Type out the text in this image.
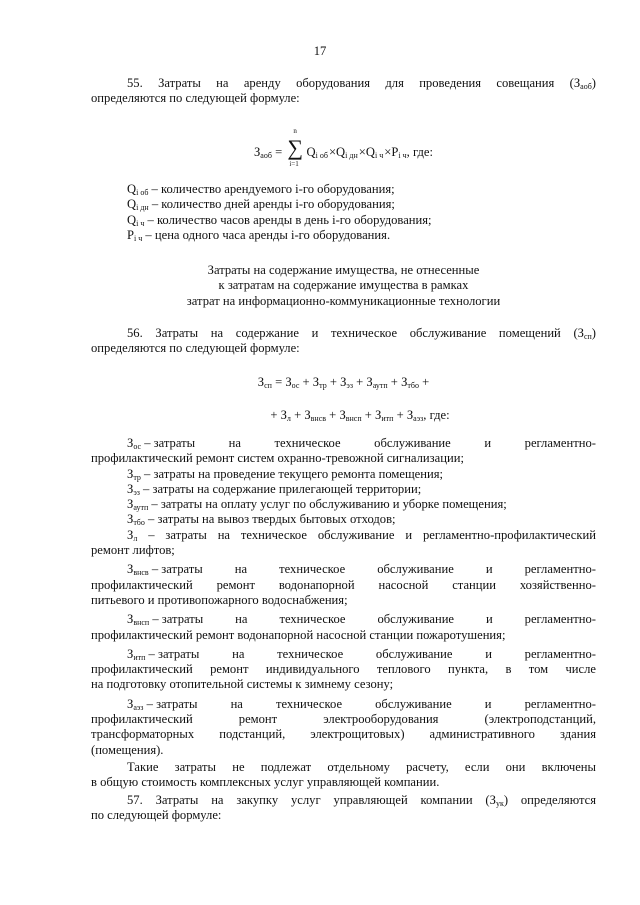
17

55. Затраты на аренду оборудования для проведения совещания $(З_{аоб})$

определяются по следующей формуле:

$З_{аоб}$ =
n
∑
i=1
$Q_{i об}$ $\times Q_{i дн}$ $\times Q_{i ч}$ $\times P_{i ч}$, где:

$Q_{i об}$ – количество арендуемого i-го оборудования;

$Q_{i дн}$ – количество дней аренды i-го оборудования;

$Q_{i ч}$ – количество часов аренды в день i-го оборудования;

$P_{i ч}$ – цена одного часа аренды i-го оборудования.

Затраты на содержание имущества, не отнесенные

к затратам на содержание имущества в рамках

затрат на информационно-коммуникационные технологии

56. Затраты на содержание и техническое обслуживание помещений $(З_{сп})$

определяются по следующей формуле:

$З_{сп} = З_{ос} + З_{тр} + З_{эз} + З_{аутп} + З_{тбо}$ +

+ $З_л + З_{внсв} + З_{внсп} + З_{итп} + З_{аэз}$, где:

$З_{ос}$ – затраты	на	техническое	обслуживание	и	регламентно-

профилактический ремонт систем охранно-тревожной сигнализации;

$З_{тр}$ – затраты на проведение текущего ремонта помещения;

$З_{эз}$ – затраты на содержание прилегающей территории;

$З_{аутп}$ – затраты на оплату услуг по обслуживанию и уборке помещения;

$З_{тбо}$ – затраты на вывоз твердых бытовых отходов;

$З_л$ – затраты на техническое обслуживание и регламентно-профилактический

ремонт лифтов;

$З_{внсв}$ – затраты	на	техническое	обслуживание	и	регламентно-

профилактический ремонт водонапорной насосной станции хозяйственно-

питьевого и противопожарного водоснабжения;

$З_{внсп}$ – затраты	на	техническое	обслуживание	и	регламентно-

профилактический ремонт водонапорной насосной станции пожаротушения;

$З_{итп}$ – затраты	на	техническое	обслуживание	и	регламентно-

профилактический ремонт индивидуального теплового пункта, в том числе

на подготовку отопительной системы к зимнему сезону;

$З_{аэз}$ – затраты	на	техническое	обслуживание	и	регламентно-

профилактический ремонт электрооборудования (электроподстанций,

трансформаторных подстанций, электрощитовых) административного здания

(помещения).

Такие затраты не подлежат отдельному расчету, если они включены

в общую стоимость комплексных услуг управляющей компании.

57. Затраты на закупку услуг управляющей компании $(З_{ук})$ определяются

по следующей формуле:
